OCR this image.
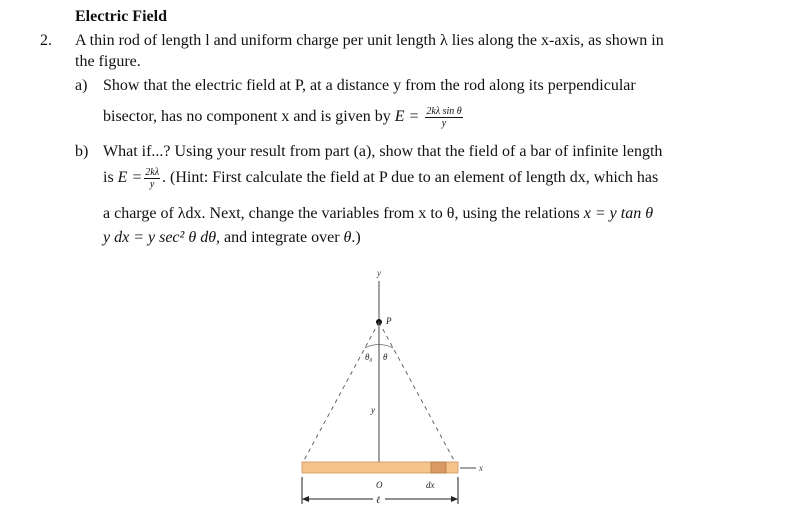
Electric Field
2. A thin rod of length l and uniform charge per unit length λ lies along the x-axis, as shown in
the figure.
a) Show that the electric field at P, at a distance y from the rod along its perpendicular
bisector, has no component x and is given by $E = \frac{\text{2kλ sin θ}}{y}$
b) What if...? Using your result from part (a), show that the field of a bar of infinite length
is $E = \frac{2k\lambda}{y}$ . (Hint: First calculate the field at P due to an element of length dx, which has
a charge of λdx. Next, change the variables from x to θ, using the relations x = y tan θ
y dx = y sec² θ dθ, and integrate over θ.)
y
P
θ₀ θ
y
x
O	dx
ℓ
